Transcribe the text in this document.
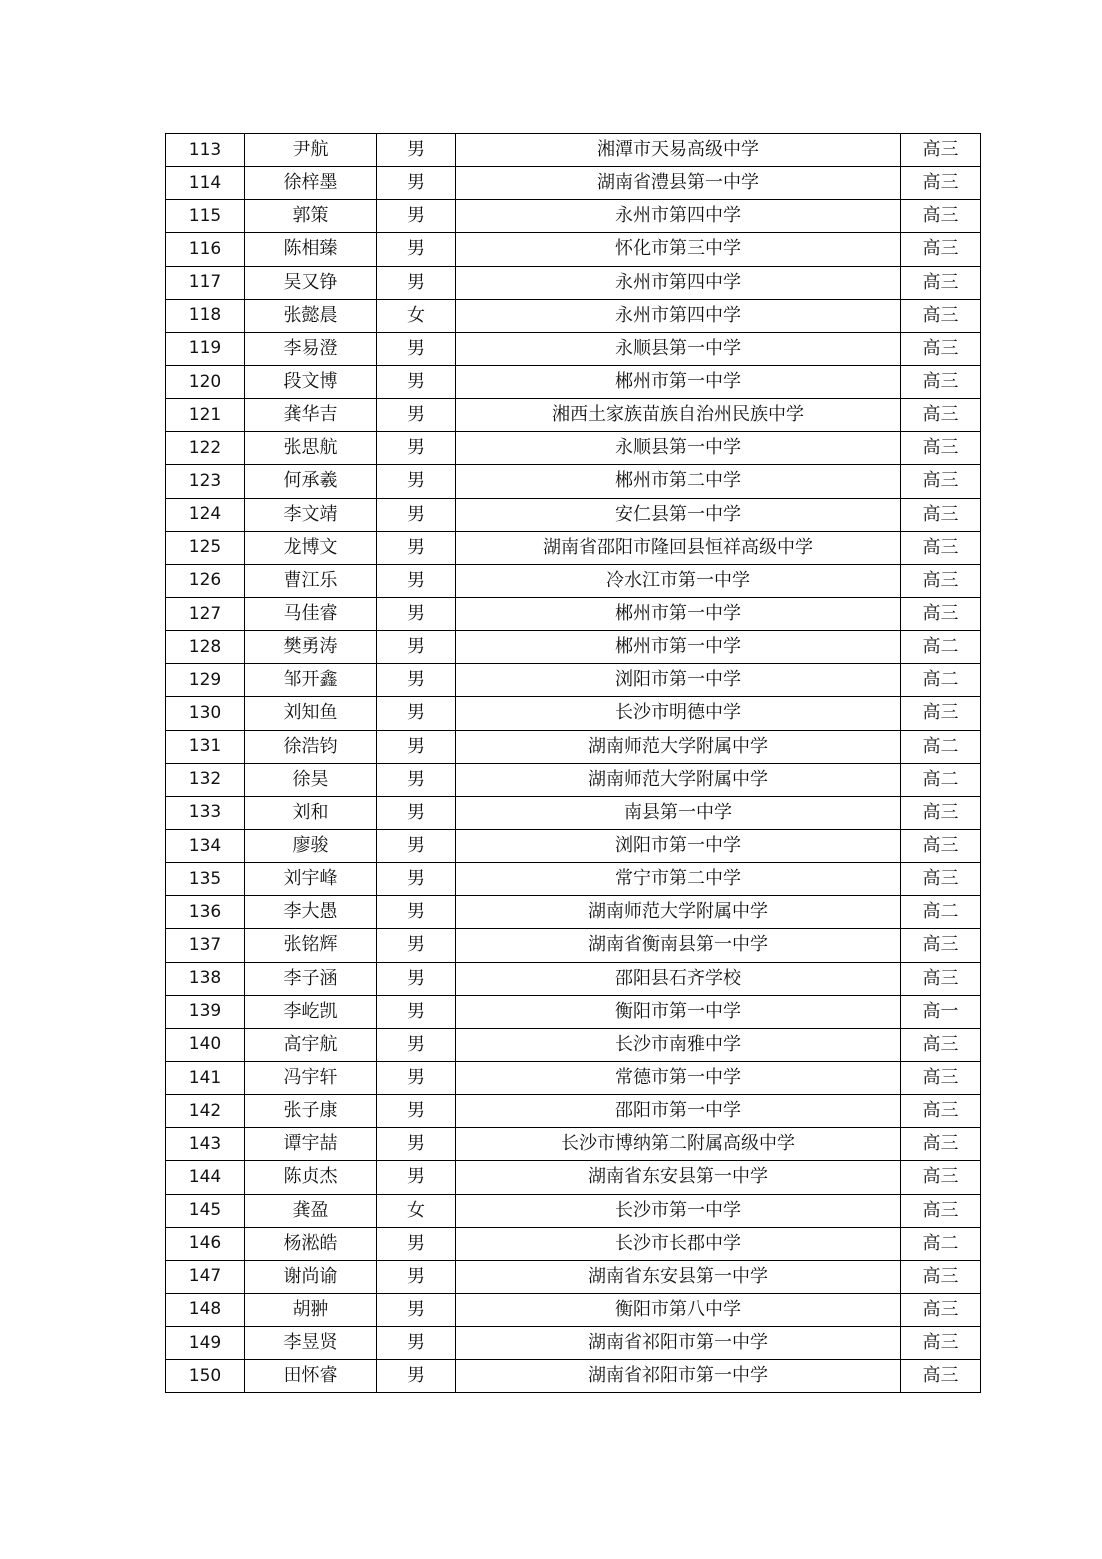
113	尹航	男	湘潭市天易高级中学	高三
114	徐梓墨	男	湖南省澧县第一中学	高三
115	郭策	男	永州市第四中学	高三
116	陈相臻	男	怀化市第三中学	高三
117	吴又铮	男	永州市第四中学	高三
118	张懿晨	女	永州市第四中学	高三
119	李易澄	男	永顺县第一中学	高三
120	段文博	男	郴州市第一中学	高三
121	龚华吉	男	湘西土家族苗族自治州民族中学	高三
122	张思航	男	永顺县第一中学	高三
123	何承羲	男	郴州市第二中学	高三
124	李文靖	男	安仁县第一中学	高三
125	龙博文	男	湖南省邵阳市隆回县恒祥高级中学	高三
126	曹江乐	男	冷水江市第一中学	高三
127	马佳睿	男	郴州市第一中学	高三
128	樊勇涛	男	郴州市第一中学	高二
129	邹开鑫	男	浏阳市第一中学	高二
130	刘知鱼	男	长沙市明德中学	高三
131	徐浩钧	男	湖南师范大学附属中学	高二
132	徐昊	男	湖南师范大学附属中学	高二
133	刘和	男	南县第一中学	高三
134	廖骏	男	浏阳市第一中学	高三
135	刘宇峰	男	常宁市第二中学	高三
136	李大愚	男	湖南师范大学附属中学	高二
137	张铭辉	男	湖南省衡南县第一中学	高三
138	李子涵	男	邵阳县石齐学校	高三
139	李屹凯	男	衡阳市第一中学	高一
140	高宇航	男	长沙市南雅中学	高三
141	冯宇轩	男	常德市第一中学	高三
142	张子康	男	邵阳市第一中学	高三
143	谭宇喆	男	长沙市博纳第二附属高级中学	高三
144	陈贞杰	男	湖南省东安县第一中学	高三
145	龚盈	女	长沙市第一中学	高三
146	杨淞皓	男	长沙市长郡中学	高二
147	谢尚谕	男	湖南省东安县第一中学	高三
148	胡翀	男	衡阳市第八中学	高三
149	李昱贤	男	湖南省祁阳市第一中学	高三
150	田怀睿	男	湖南省祁阳市第一中学	高三
